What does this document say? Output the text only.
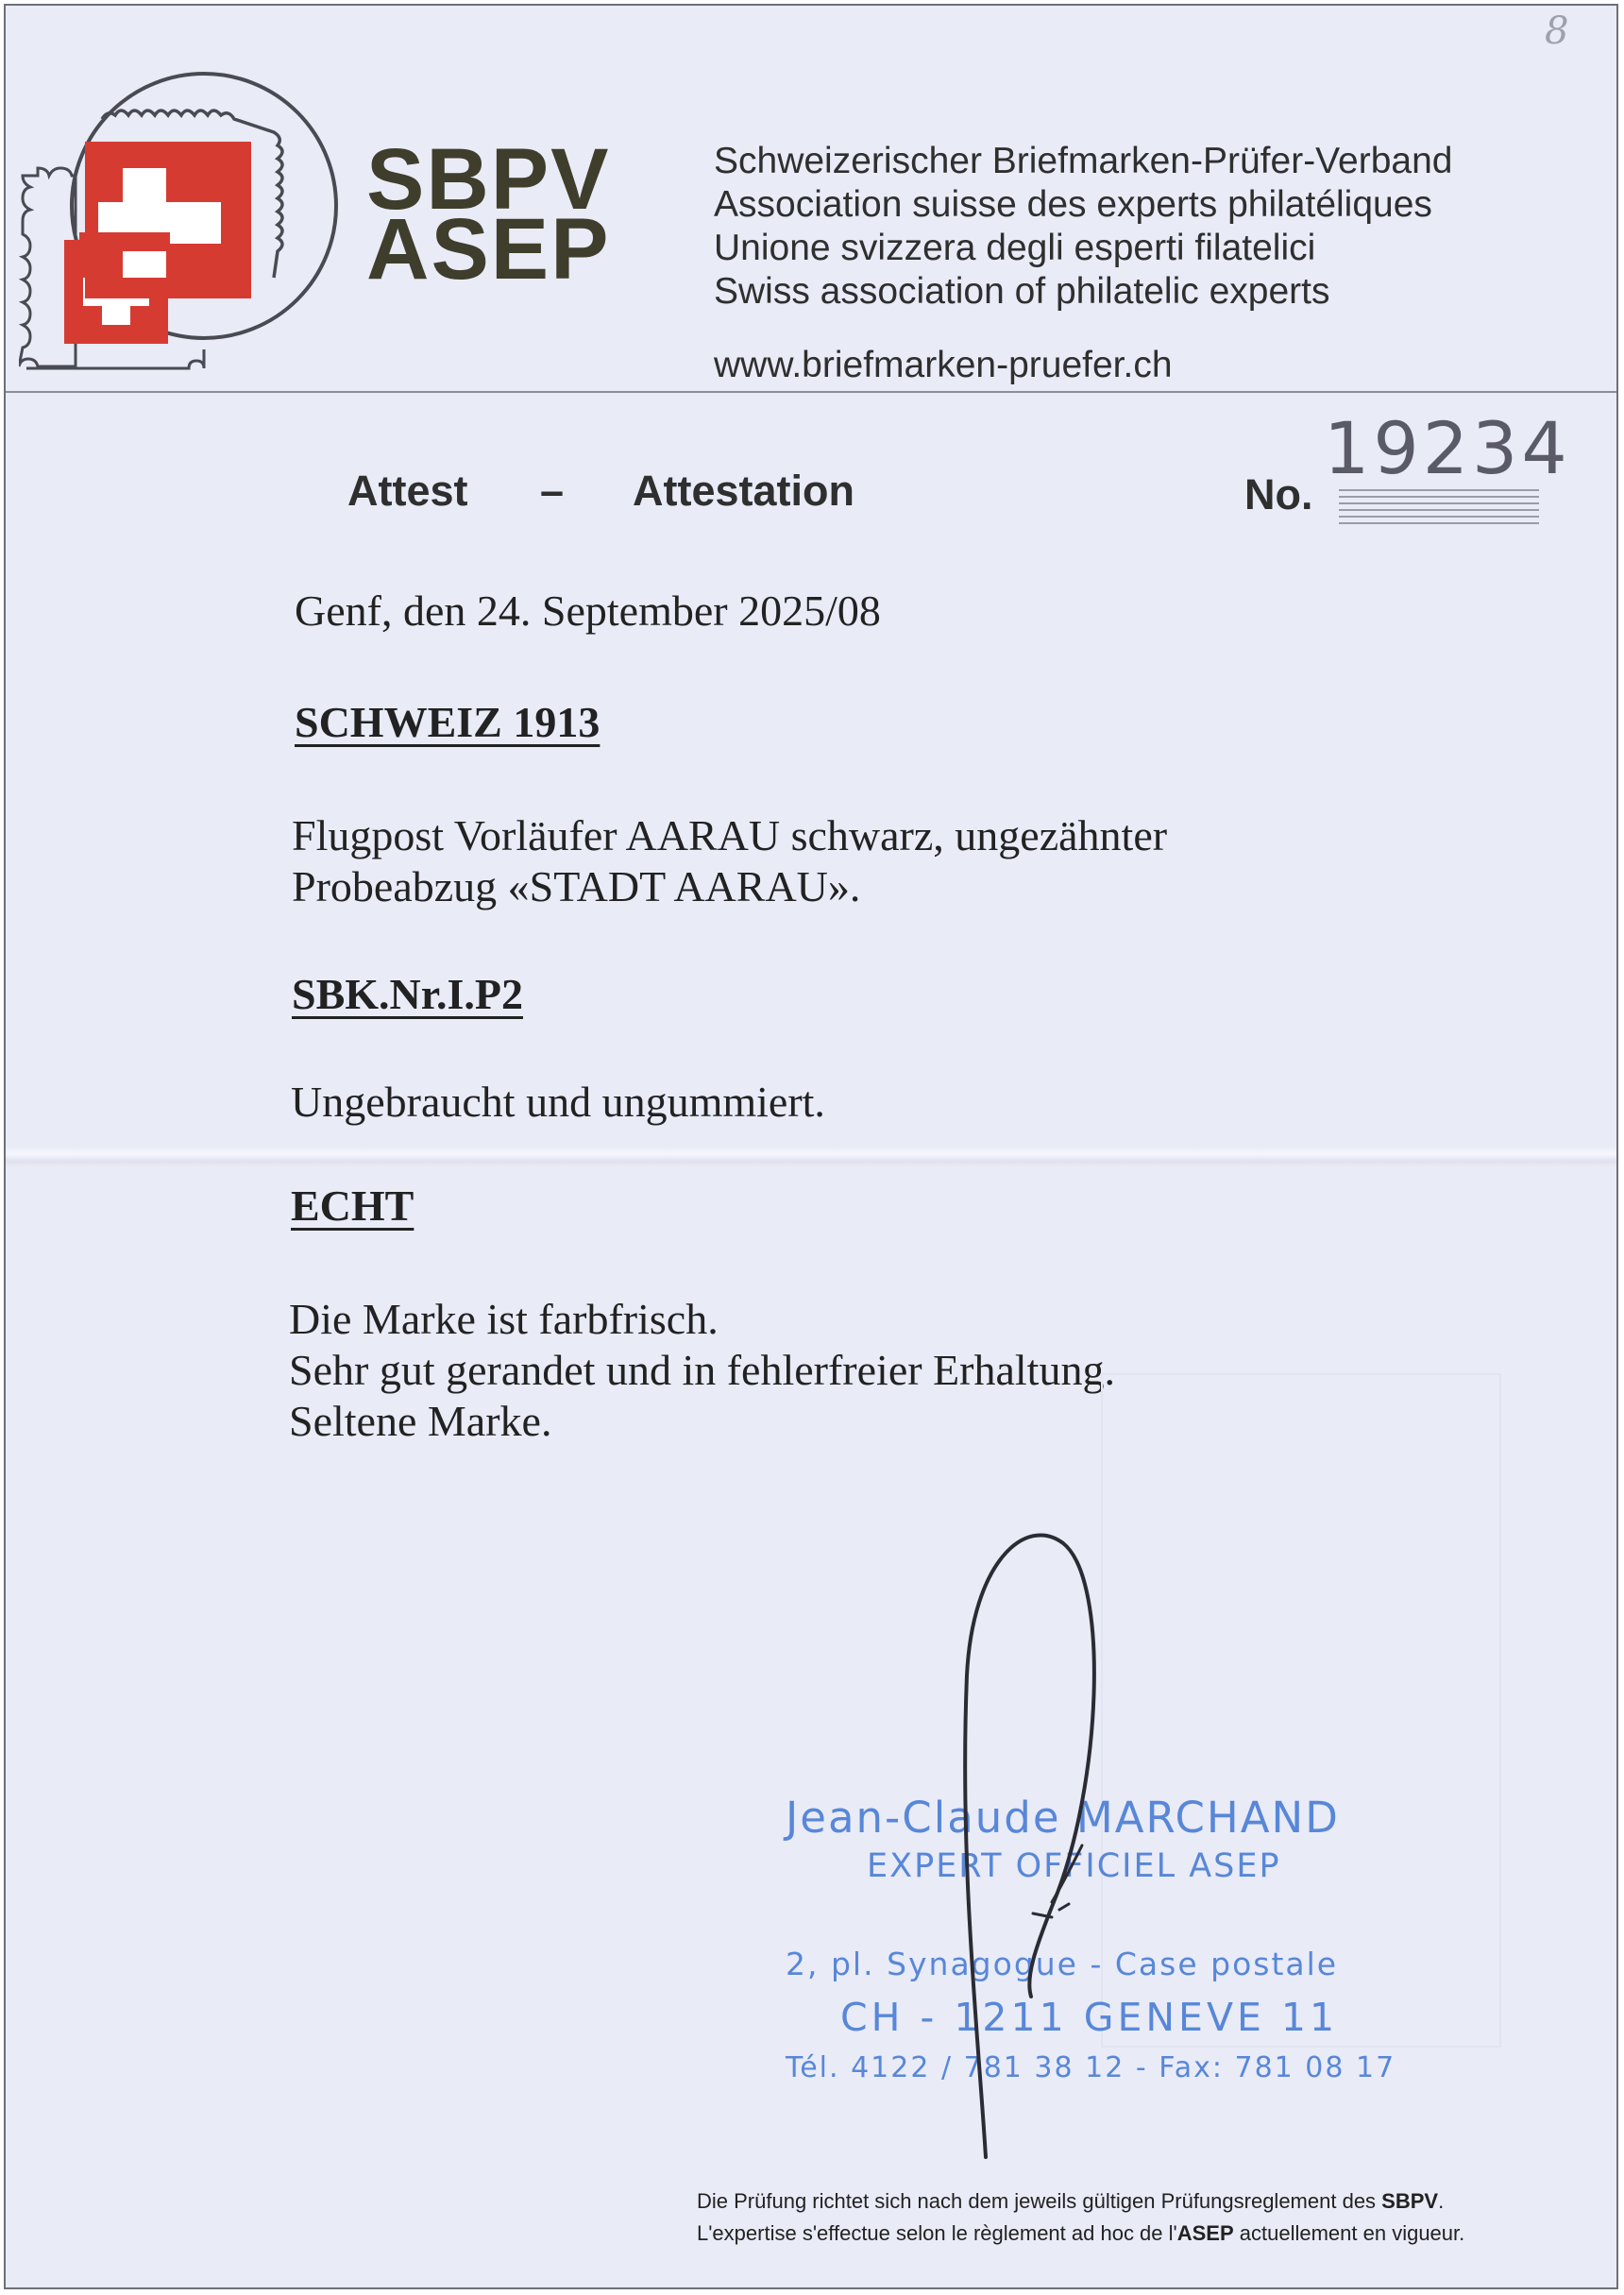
8
SBPV
ASEP
Schweizerischer Briefmarken-Prüfer-Verband
Association suisse des experts philatéliques
Unione svizzera degli esperti filatelici
Swiss association of philatelic experts
www.briefmarken-pruefer.ch
Attest – Attestation	No.
19234
Genf, den 24. September 2025/08
SCHWEIZ 1913
Flugpost Vorläufer AARAU schwarz, ungezähnter
Probeabzug «STADT AARAU».
SBK.Nr.I.P2
Ungebraucht und ungummiert.
ECHT
Die Marke ist farbfrisch.
Sehr gut gerandet und in fehlerfreier Erhaltung.
Seltene Marke.
Jean-Claude MARCHAND
EXPERT OFFICIEL ASEP
2, pl. Synagogue - Case postale
CH - 1211 GENEVE 11
Tél. 4122 / 781 38 12 - Fax: 781 08 17
Die Prüfung richtet sich nach dem jeweils gültigen Prüfungsreglement des SBPV.
L'expertise s'effectue selon le règlement ad hoc de l'ASEP actuellement en vigueur.
